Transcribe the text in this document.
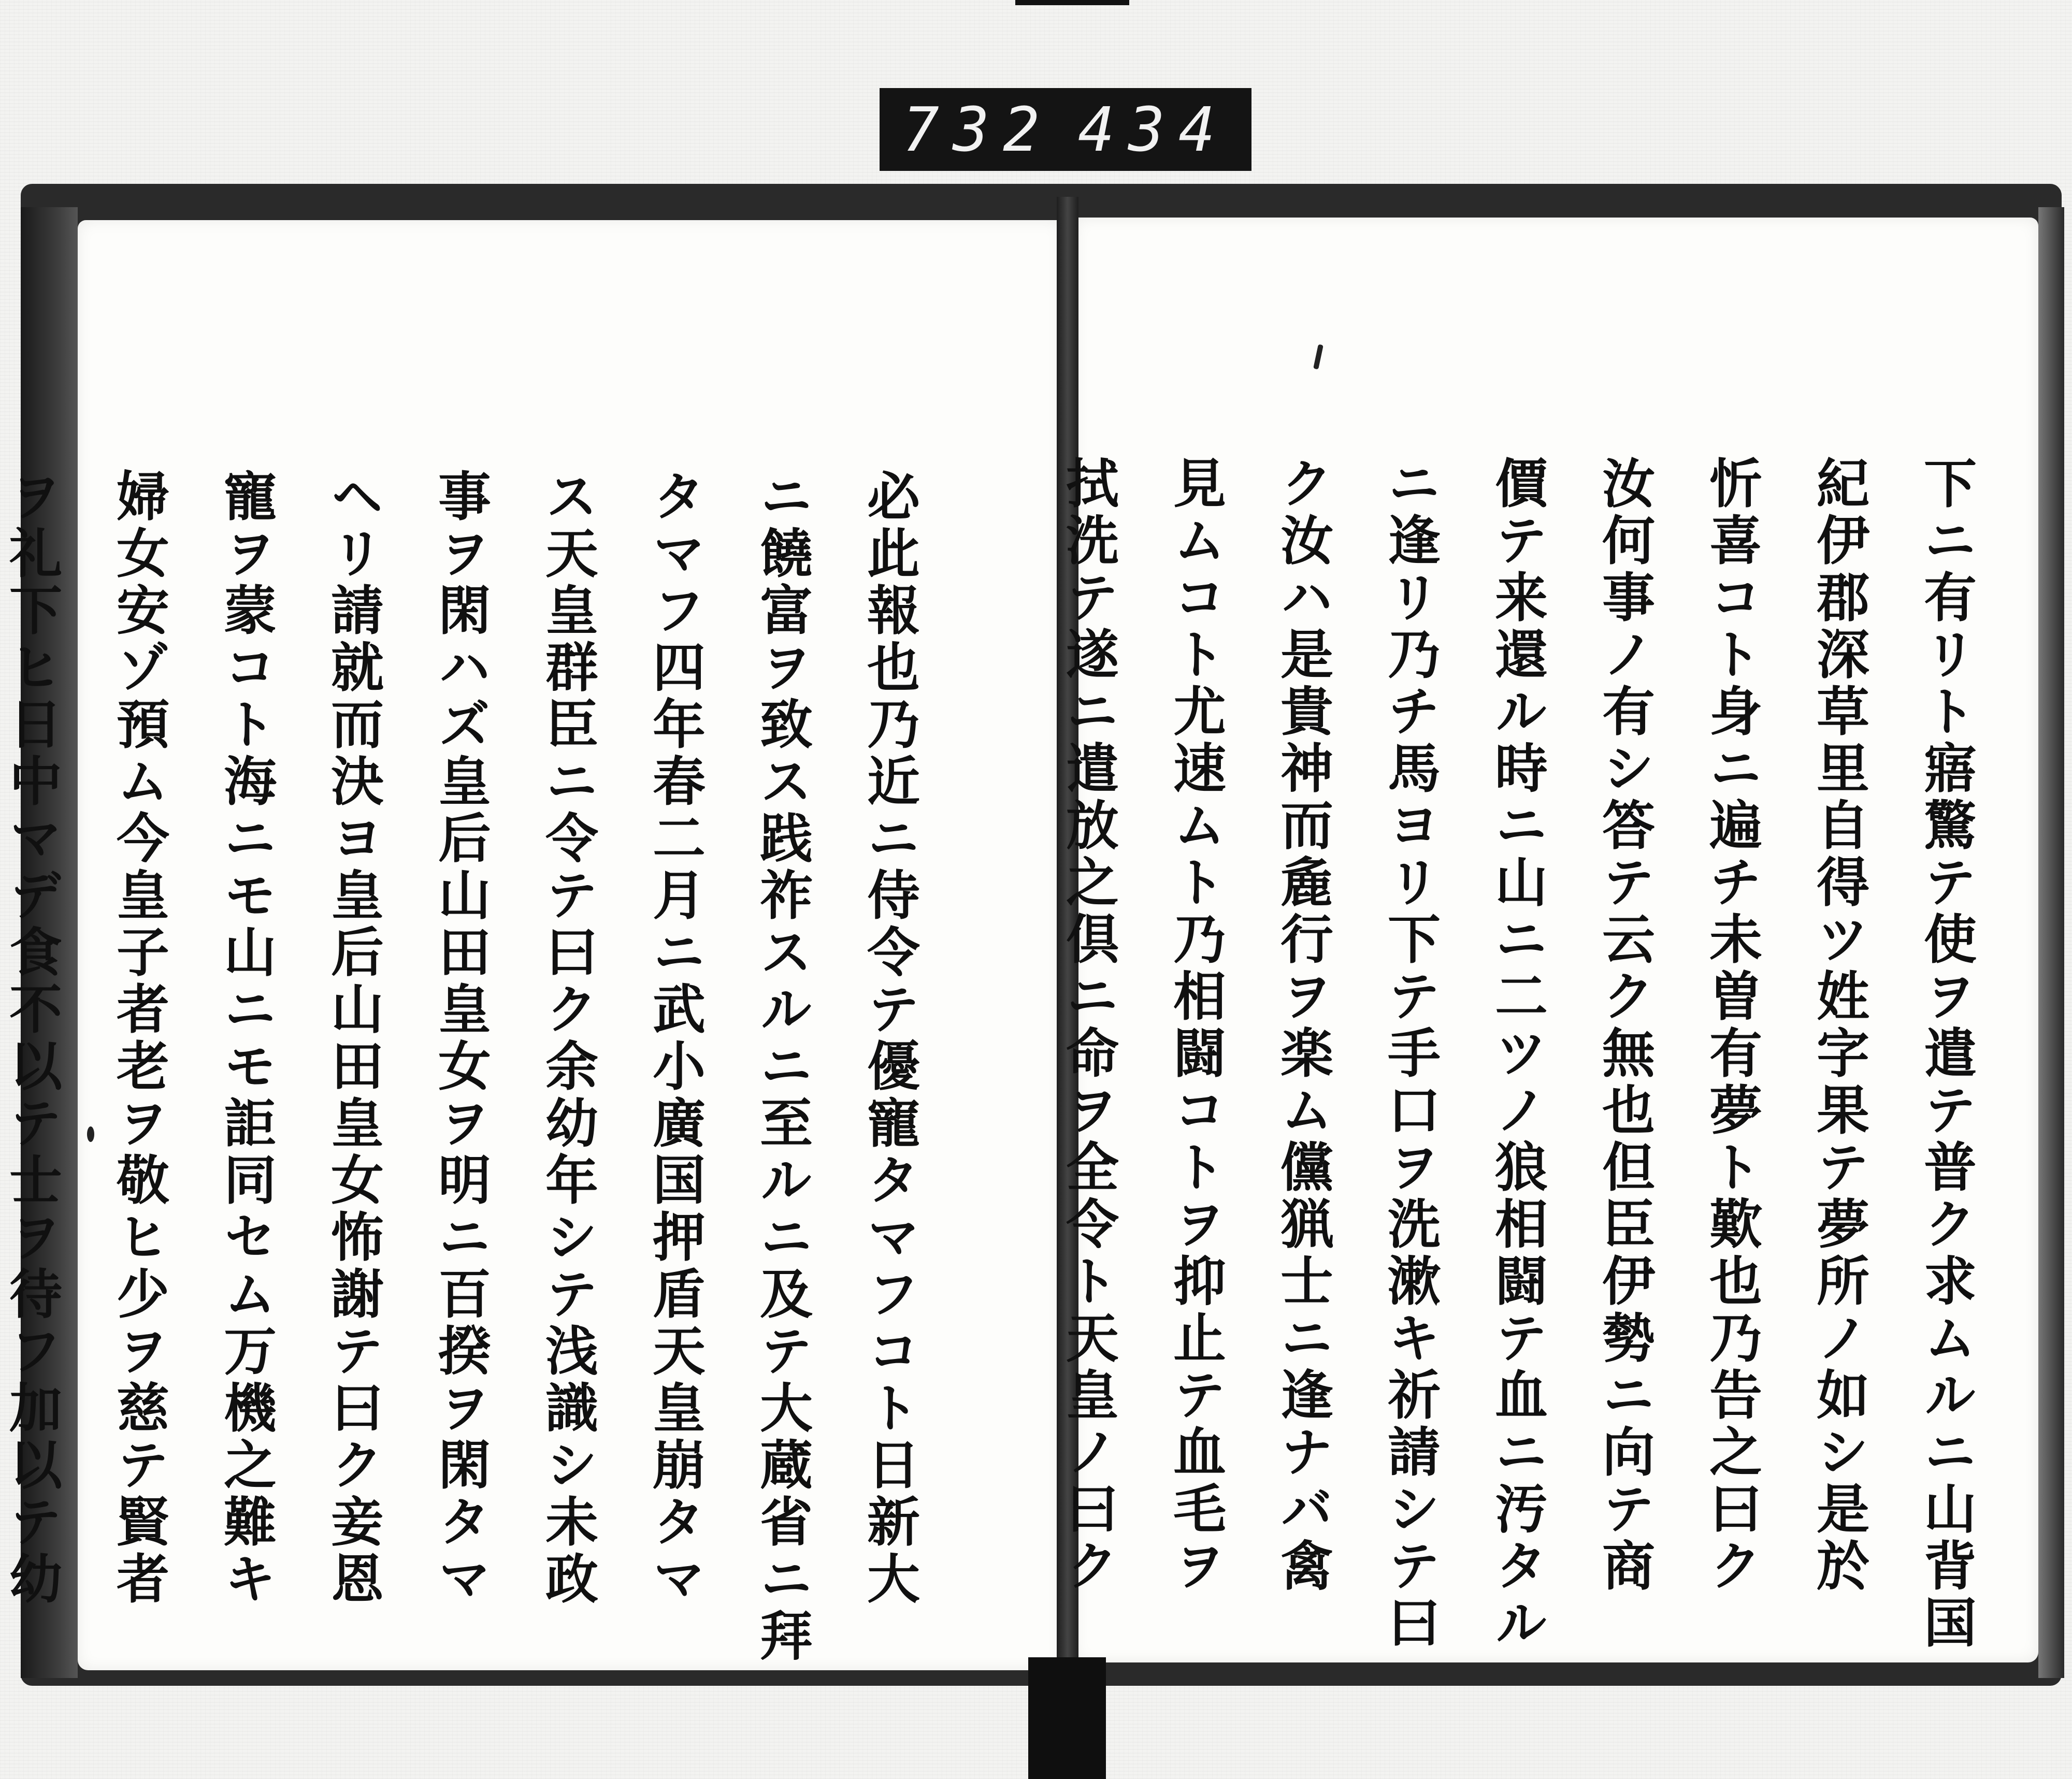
732 434
下ニ有リト寤驚テ使ヲ遣テ普ク求ムルニ山背国
紀伊郡深草里自得ツ姓字果テ夢所ノ如シ是於
忻喜コト身ニ遍チ未曽有夢ト歎也乃告之曰ク
汝何事ノ有シ答テ云ク無也但臣伊勢ニ向テ商
價テ来還ル時ニ山ニ二ツノ狼相闘テ血ニ汚タル
ニ逢リ乃チ馬ヨリ下テ手口ヲ洗漱キ祈請シテ曰
ク汝ハ是貴神而麁行ヲ楽ム儻猟士ニ逢ナバ禽
見ムコト尤速ムト乃相闘コトヲ抑止テ血毛ヲ
拭洗テ遂ニ遣放之倶ニ命ヲ全令ト天皇ノ曰ク
必此報也乃近ニ侍令テ優寵タマフコト日新大
ニ饒富ヲ致ス践祚スルニ至ルニ及テ大蔵省ニ拜
タマフ四年春二月ニ武小廣国押盾天皇崩タマ
ス天皇群臣ニ令テ曰ク余幼年シテ浅識シ未政
事ヲ閑ハズ皇后山田皇女ヲ明ニ百揆ヲ閑タマ
ヘリ請就而決ヨ皇后山田皇女怖謝テ曰ク妾恩
寵ヲ蒙コト海ニモ山ニモ詎同セム万機之難キ
婦女安ゾ預ム今皇子者老ヲ敬ヒ少ヲ慈テ賢者
ヲ礼下ヒ日中マデ食不以テ士ヲ待フ加以テ幼
